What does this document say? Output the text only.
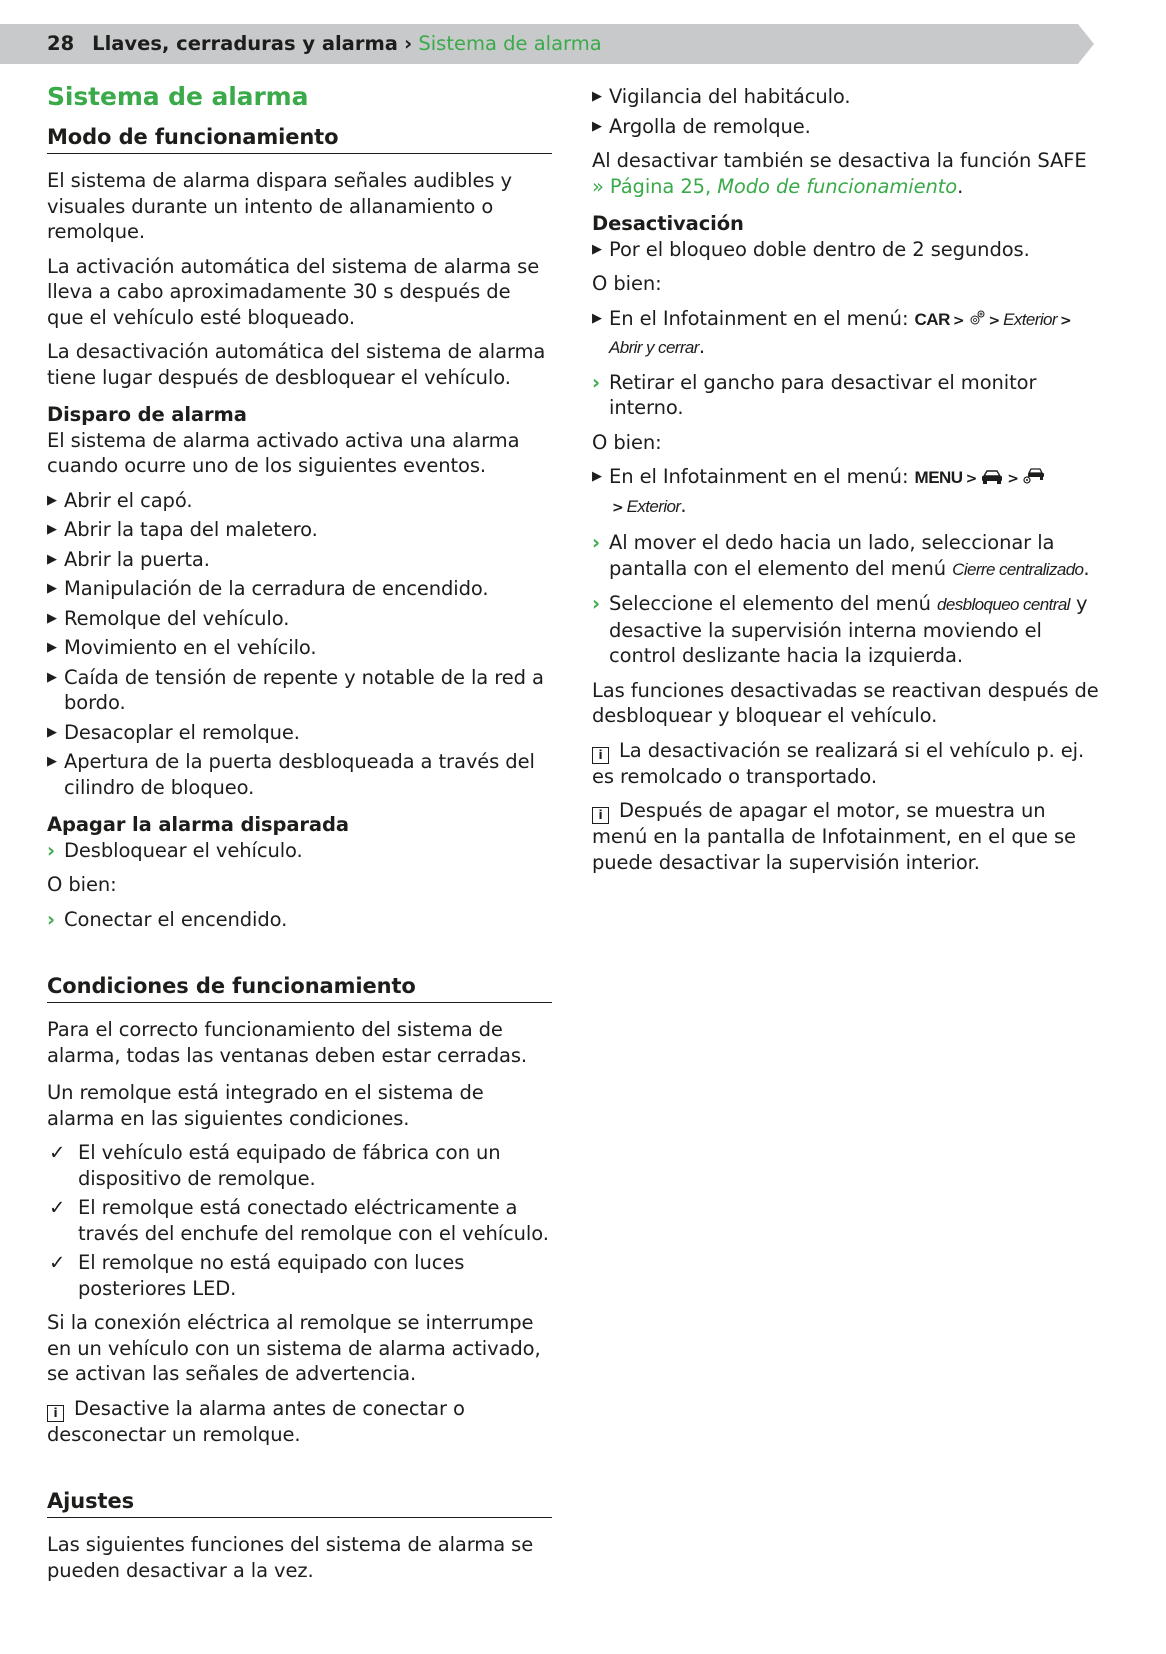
28 Llaves, cerraduras y alarma › Sistema de alarma
Sistema de alarma
Modo de funcionamiento

El sistema de alarma dispara señales audibles y visuales durante un intento de allanamiento o remolque.

La activación automática del sistema de alarma se lleva a cabo aproximadamente 30 s después de que el vehículo esté bloqueado.

La desactivación automática del sistema de alarma tiene lugar después de desbloquear el vehículo.

Disparo de alarma

El sistema de alarma activado activa una alarma cuando ocurre uno de los siguientes eventos.

▶ Abrir el capó.
▶ Abrir la tapa del maletero.
▶ Abrir la puerta.
▶ Manipulación de la cerradura de encendido.
▶ Remolque del vehículo.
▶ Movimiento en el vehícilo.
▶ Caída de tensión de repente y notable de la red a bordo.
▶ Desacoplar el remolque.
▶ Apertura de la puerta desbloqueada a través del cilindro de bloqueo.
Apagar la alarma disparada
› Desbloquear el vehículo.

O bien:

› Conectar el encendido.
Condiciones de funcionamiento

Para el correcto funcionamiento del sistema de alarma, todas las ventanas deben estar cerradas.

Un remolque está integrado en el sistema de alarma en las siguientes condiciones.

✓ El vehículo está equipado de fábrica con un dispositivo de remolque.
✓ El remolque está conectado eléctricamente a través del enchufe del remolque con el vehículo.
✓ El remolque no está equipado con luces posteriores LED.

Si la conexión eléctrica al remolque se interrumpe en un vehículo con un sistema de alarma activado, se activan las señales de advertencia.

i Desactive la alarma antes de conectar o desconectar un remolque.

Ajustes

Las siguientes funciones del sistema de alarma se pueden desactivar a la vez.

▶ Vigilancia del habitáculo.
▶ Argolla de remolque.

Al desactivar también se desactiva la función SAFE » Página 25, Modo de funcionamiento.

Desactivación
▶ Por el bloqueo doble dentro de 2 segundos.

O bien:

▶ En el Infotainment en el menú: CAR > > Exterior > Abrir y cerrar.
› Retirar el gancho para desactivar el monitor interno.

O bien:

▶ En el Infotainment en el menú: MENU > >> Exterior.
› Al mover el dedo hacia un lado, seleccionar la pantalla con el elemento del menú Cierre centralizado.
› Seleccione el elemento del menú desbloqueo central y desactive la supervisión interna moviendo el control deslizante hacia la izquierda.

Las funciones desactivadas se reactivan después de desbloquear y bloquear el vehículo.

i La desactivación se realizará si el vehículo p. ej. es remolcado o transportado.

i Después de apagar el motor, se muestra un menú en la pantalla de Infotainment, en el que se puede desactivar la supervisión interior.
